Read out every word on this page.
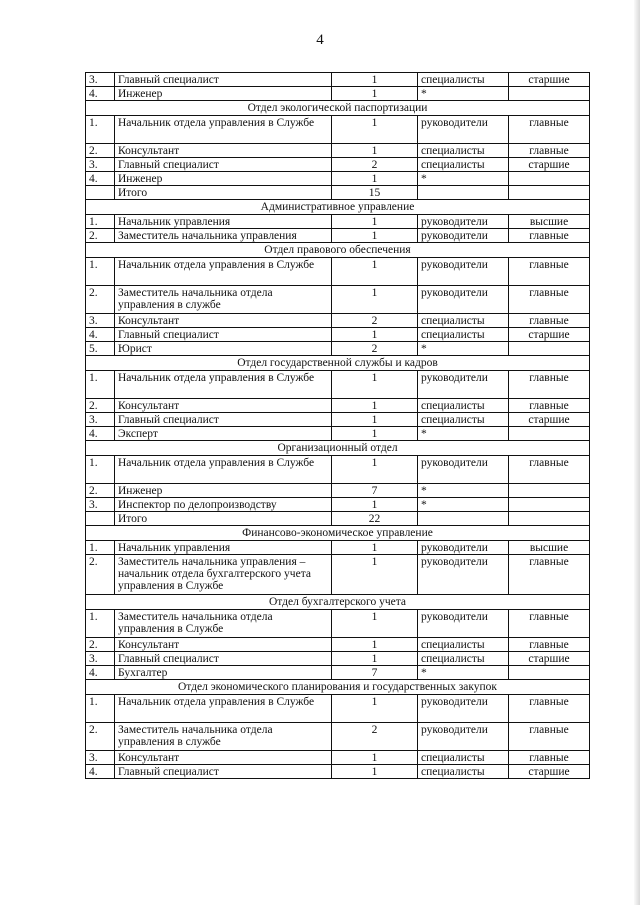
4
3.	Главный специалист	1	специалисты	старшие
4.	Инженер	1	*	
Отдел экологической паспортизации				
1.	Начальник отдела управления в Службе	1	руководители	главные
2.	Консультант	1	специалисты	главные
3.	Главный специалист	2	специалисты	старшие
4.	Инженер	1	*	
	Итого	15		
Административное управление				
1.	Начальник управления	1	руководители	высшие
2.	Заместитель начальника управления	1	руководители	главные
Отдел правового обеспечения				
1.	Начальник отдела управления в Службе	1	руководители	главные
2.	Заместитель начальника отдела управления в службе	1	руководители	главные
3.	Консультант	2	специалисты	главные
4.	Главный специалист	1	специалисты	старшие
5.	Юрист	2	*	
Отдел государственной службы и кадров				
1.	Начальник отдела управления в Службе	1	руководители	главные
2.	Консультант	1	специалисты	главные
3.	Главный специалист	1	специалисты	старшие
4.	Эксперт	1	*	
Организационный отдел				
1.	Начальник отдела управления в Службе	1	руководители	главные
2.	Инженер	7	*	
3.	Инспектор по делопроизводству	1	*	
	Итого	22		
Финансово-экономическое управление				
1.	Начальник управления	1	руководители	высшие
2.	Заместитель начальника управления – начальник отдела бухгалтерского учета управления в Службе	1	руководители	главные
Отдел бухгалтерского учета				
1.	Заместитель начальника отдела управления в Службе	1	руководители	главные
2.	Консультант	1	специалисты	главные
3.	Главный специалист	1	специалисты	старшие
4.	Бухгалтер	7	*	
Отдел экономического планирования и государственных закупок				
1.	Начальник отдела управления в Службе	1	руководители	главные
2.	Заместитель начальника отдела управления в службе	2	руководители	главные
3.	Консультант	1	специалисты	главные
4.	Главный специалист	1	специалисты	старшие
